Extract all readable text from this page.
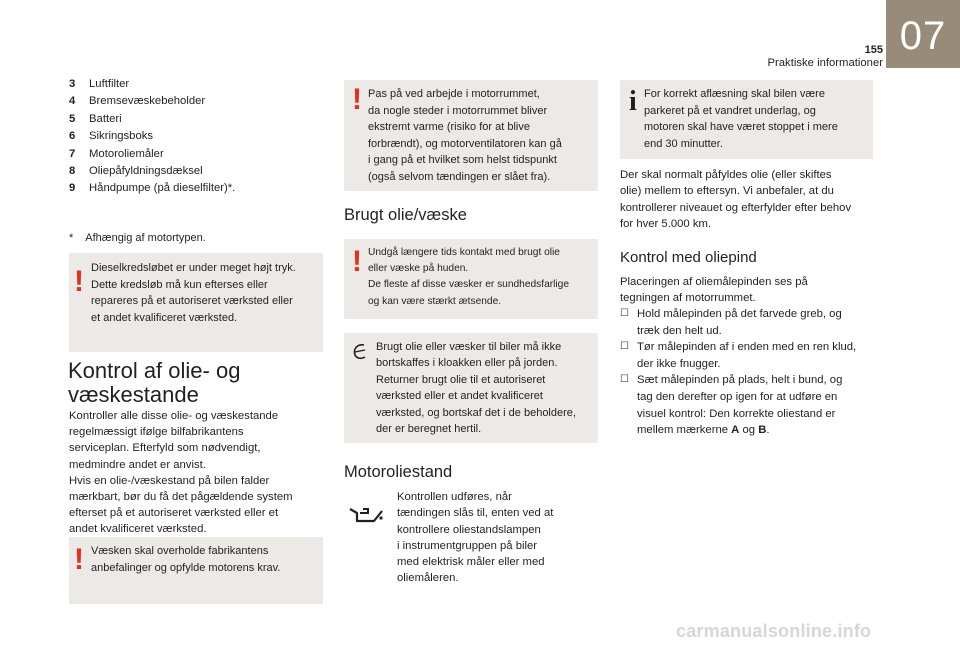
155
Praktiske informationer
07
3 Luftfilter
4 Bremsevæskebeholder
5 Batteri
6 Sikringsboks
7 Motoroliemåler
8 Oliepåfyldningsdæksel
9 Håndpumpe (på dieselfilter)*.
* Afhængig af motortypen.
! Dieselkredsløbet er under meget højt tryk.
Dette kredsløb må kun efterses eller
repareres på et autoriseret værksted eller
et andet kvalificeret værksted.
Kontrol af olie- og
væskestande
Kontroller alle disse olie- og væskestande
regelmæssigt ifølge bilfabrikantens
serviceplan. Efterfyld som nødvendigt,
medmindre andet er anvist.
Hvis en olie-/væskestand på bilen falder
mærkbart, bør du få det pågældende system
efterset på et autoriseret værksted eller et
andet kvalificeret værksted.
! Væsken skal overholde fabrikantens
anbefalinger og opfylde motorens krav.
! Pas på ved arbejde i motorrummet,
da nogle steder i motorrummet bliver
ekstremt varme (risiko for at blive
forbrændt), og motorventilatoren kan gå
i gang på et hvilket som helst tidspunkt
(også selvom tændingen er slået fra).
Brugt olie/væske
! Undgå længere tids kontakt med brugt olie
eller væske på huden.
De fleste af disse væsker er sundhedsfarlige
og kan være stærkt ætsende.
Brugt olie eller væsker til biler må ikke
bortskaffes i kloakken eller på jorden.
Returner brugt olie til et autoriseret
værksted eller et andet kvalificeret
værksted, og bortskaf det i de beholdere,
der er beregnet hertil.
Motoroliestand
Kontrollen udføres, når
tændingen slås til, enten ved at
kontrollere oliestandslampen
i instrumentgruppen på biler
med elektrisk måler eller med
oliemåleren.
i For korrekt aflæsning skal bilen være
parkeret på et vandret underlag, og
motoren skal have været stoppet i mere
end 30 minutter.
Der skal normalt påfyldes olie (eller skiftes
olie) mellem to eftersyn. Vi anbefaler, at du
kontrollerer niveauet og efterfylder efter behov
for hver 5.000 km.
Kontrol med oliepind
Placeringen af oliemålepinden ses på
tegningen af motorrummet.
☐ Hold målepinden på det farvede greb, og
træk den helt ud.
☐ Tør målepinden af i enden med en ren klud,
der ikke fnugger.
☐ Sæt målepinden på plads, helt i bund, og
tag den derefter op igen for at udføre en
visuel kontrol: Den korrekte oliestand er
mellem mærkerne A og B.
carmanualsonline.info
